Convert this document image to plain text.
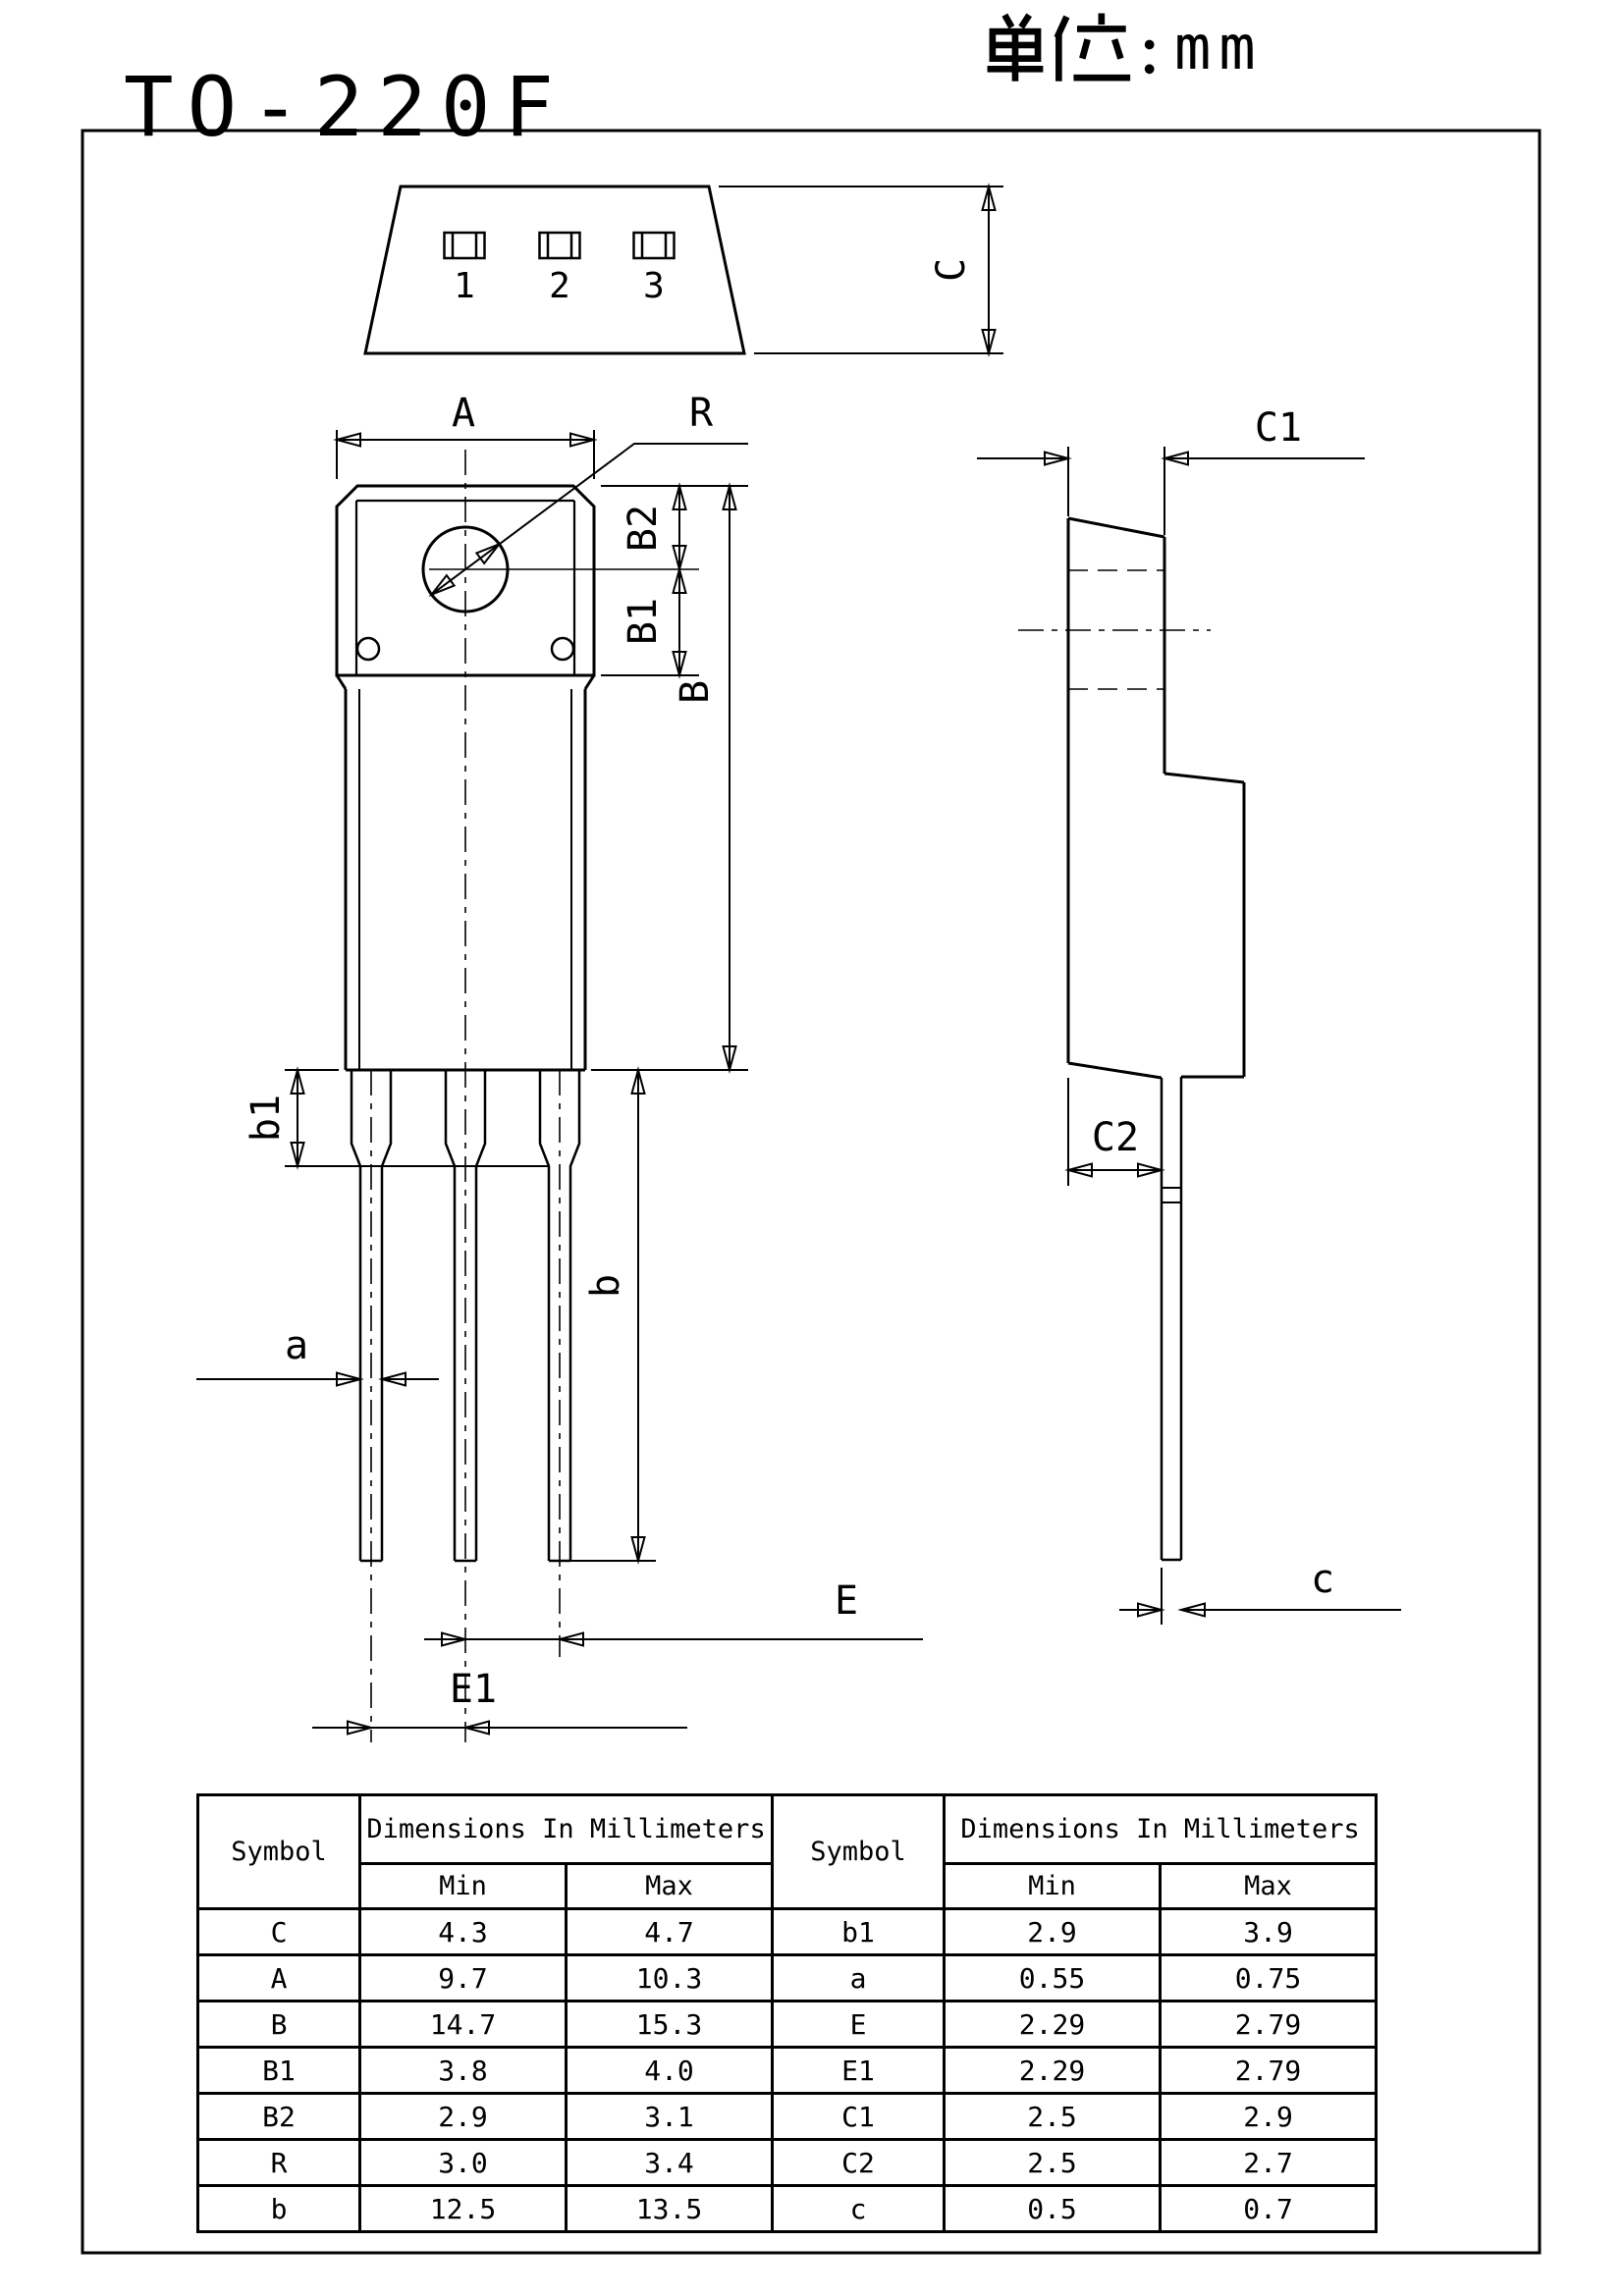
TO-220F
mm
1 2 3	C
A	R
B2
B1
B
b1
b
a
E
E1
C1
C2
c
Symbol	Dimensions In Millimeters		Symbol	Dimensions In Millimeters	
	Min	Max		Min	Max
C	4.3	4.7	b1	2.9	3.9
A	9.7	10.3	a	0.55	0.75
B	14.7	15.3	E	2.29	2.79
B1	3.8	4.0	E1	2.29	2.79
B2	2.9	3.1	C1	2.5	2.9
R	3.0	3.4	C2	2.5	2.7
b	12.5	13.5	c	0.5	0.7
